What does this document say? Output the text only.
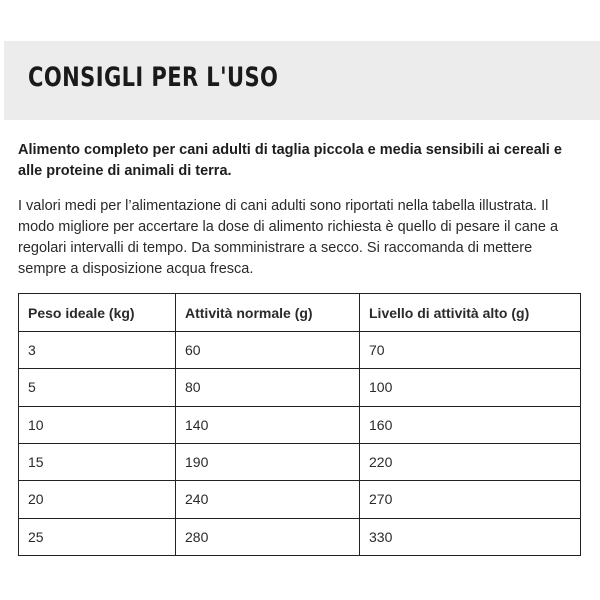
CONSIGLI PER L'USO

Alimento completo per cani adulti di taglia piccola e media sensibili ai cereali e alle proteine di animali di terra.

I valori medi per l’alimentazione di cani adulti sono riportati nella tabella illustrata. Il modo migliore per accertare la dose di alimento richiesta è quello di pesare il cane a regolari intervalli di tempo. Da somministrare a secco. Si raccomanda di mettere sempre a disposizione acqua fresca.

Peso ideale (kg)	Attività normale (g)	Livello di attività alto (g)
3	60	70
5	80	100
10	140	160
15	190	220
20	240	270
25	280	330
